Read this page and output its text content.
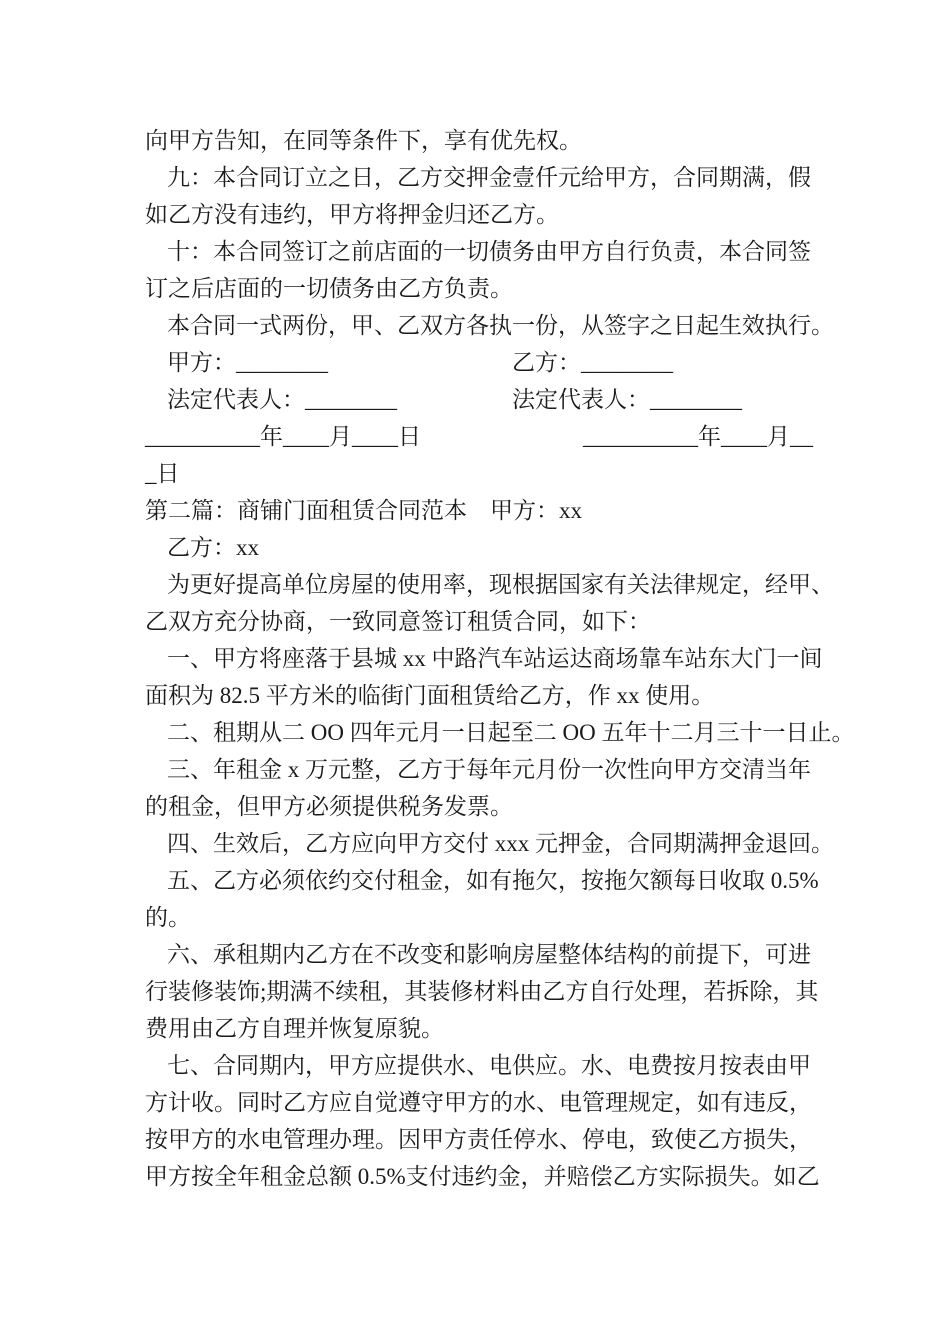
向甲方告知，在同等条件下，享有优先权。
九：本合同订立之日，乙方交押金壹仟元给甲方，合同期满，假
如乙方没有违约，甲方将押金归还乙方。
十：本合同签订之前店面的一切债务由甲方自行负责，本合同签
订之后店面的一切债务由乙方负责。
本合同一式两份，甲、乙双方各执一份，从签字之日起生效执行。
甲方：________	乙方：________
法定代表人：________	法定代表人：________
__________年____月____日	__________年____月__
_日
第二篇：商铺门面租赁合同范本　甲方：xx
乙方：xx
为更好提高单位房屋的使用率，现根据国家有关法律规定，经甲、
乙双方充分协商，一致同意签订租赁合同，如下：
一、甲方将座落于县城 xx 中路汽车站运达商场靠车站东大门一间
面积为 82.5 平方米的临街门面租赁给乙方，作 xx 使用。
二、租期从二 OO 四年元月一日起至二 OO 五年十二月三十一日止。
三、年租金 x 万元整，乙方于每年元月份一次性向甲方交清当年
的租金，但甲方必须提供税务发票。
四、生效后，乙方应向甲方交付 xxx 元押金，合同期满押金退回。
五、乙方必须依约交付租金，如有拖欠，按拖欠额每日收取 0.5%
的。
六、承租期内乙方在不改变和影响房屋整体结构的前提下，可进
行装修装饰;期满不续租，其装修材料由乙方自行处理，若拆除，其
费用由乙方自理并恢复原貌。
七、合同期内，甲方应提供水、电供应。水、电费按月按表由甲
方计收。同时乙方应自觉遵守甲方的水、电管理规定，如有违反，
按甲方的水电管理办理。因甲方责任停水、停电，致使乙方损失，
甲方按全年租金总额 0.5%支付违约金，并赔偿乙方实际损失。如乙
